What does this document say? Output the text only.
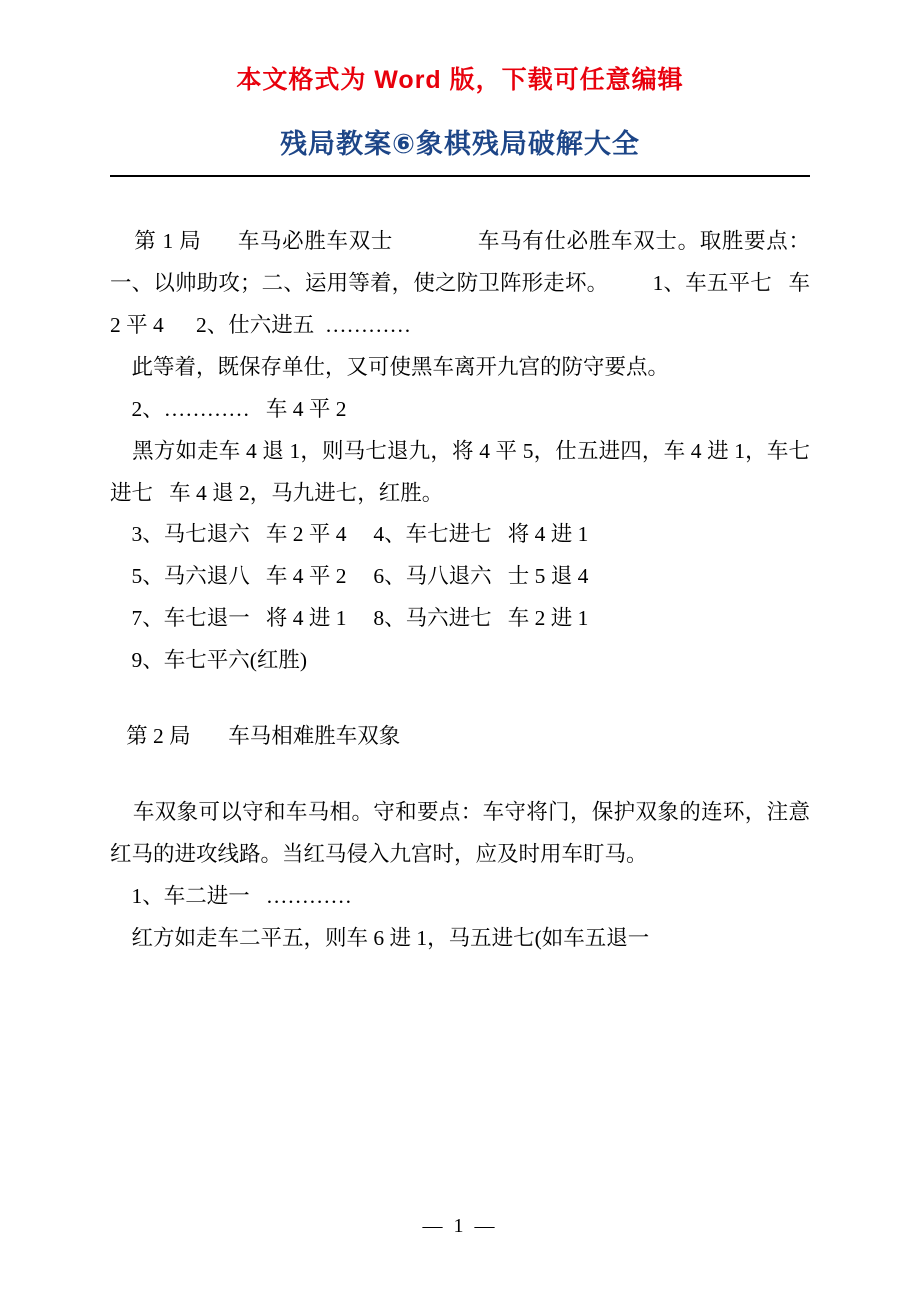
本文格式为 Word 版，下载可任意编辑
残局教案⑥象棋残局破解大全

第 1 局      车马必胜车双士              车马有仕必胜车双士。取胜要点：一、以帅助攻；二、运用等着，使之防卫阵形走坏。        1、车五平七   车 2 平 4      2、仕六进五  …………

此等着，既保存单仕，又可使黑车离开九宫的防守要点。

2、…………   车 4 平 2

黑方如走车 4 退 1，则马七退九，将 4 平 5，仕五进四，车 4 进 1，车七进七   车 4 退 2，马九进七，红胜。

3、马七退六   车 2 平 4     4、车七进七   将 4 进 1

5、马六退八   车 4 平 2     6、马八退六   士 5 退 4

7、车七退一   将 4 进 1     8、马六进七   车 2 进 1

9、车七平六(红胜)

第 2 局       车马相难胜车双象

车双象可以守和车马相。守和要点：车守将门，保护双象的连环，注意红马的进攻线路。当红马侵入九宫时，应及时用车盯马。

1、车二进一   …………

红方如走车二平五，则车 6 进 1，马五进七(如车五退一

— 1 —
